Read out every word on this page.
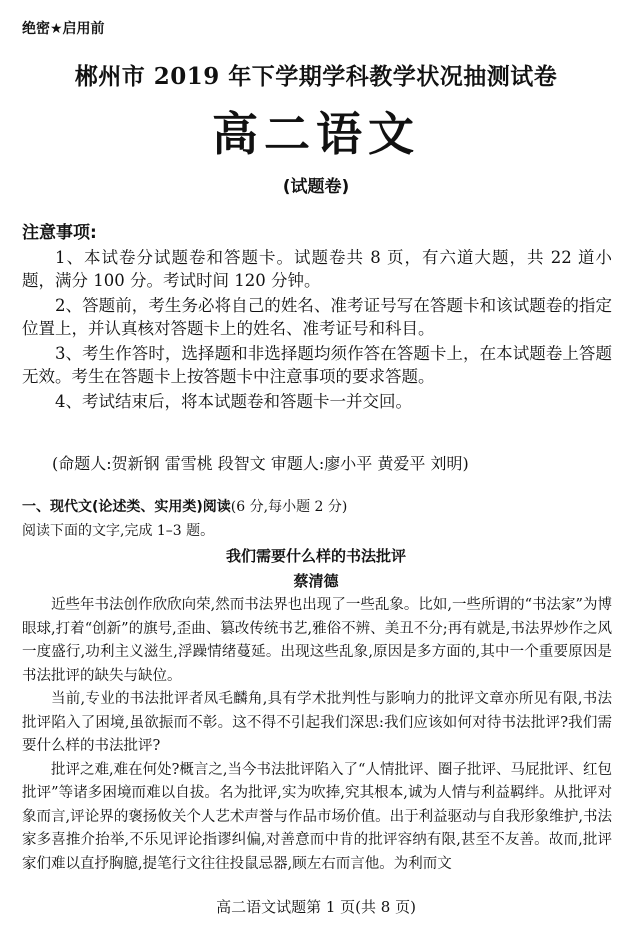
绝密★启用前
郴州市 2019 年下学期学科教学状况抽测试卷
高二语文
(试题卷)
注意事项:

1、本试卷分试题卷和答题卡。试题卷共 8 页，有六道大题，共 22 道小题，满分 100 分。考试时间 120 分钟。

2、答题前，考生务必将自己的姓名、准考证号写在答题卡和该试题卷的指定位置上，并认真核对答题卡上的姓名、准考证号和科目。

3、考生作答时，选择题和非选择题均须作答在答题卡上，在本试题卷上答题无效。考生在答题卡上按答题卡中注意事项的要求答题。

4、考试结束后，将本试题卷和答题卡一并交回。

(命题人:贺新钢 雷雪桃 段智文 审题人:廖小平 黄爱平 刘明)
一、现代文(论述类、实用类)阅读(6 分,每小题 2 分)
阅读下面的文字,完成 1–3 题。
我们需要什么样的书法批评
蔡清德

近些年书法创作欣欣向荣,然而书法界也出现了一些乱象。比如,一些所谓的“书法家”为博眼球,打着“创新”的旗号,歪曲、篡改传统书艺,雅俗不辨、美丑不分;再有就是,书法界炒作之风一度盛行,功利主义滋生,浮躁情绪蔓延。出现这些乱象,原因是多方面的,其中一个重要原因是书法批评的缺失与缺位。

当前,专业的书法批评者凤毛麟角,具有学术批判性与影响力的批评文章亦所见有限,书法批评陷入了困境,虽欲振而不彰。这不得不引起我们深思:我们应该如何对待书法批评?我们需要什么样的书法批评?

批评之难,难在何处?概言之,当今书法批评陷入了“人情批评、圈子批评、马屁批评、红包批评”等诸多困境而难以自拔。名为批评,实为吹捧,究其根本,诚为人情与利益羁绊。从批评对象而言,评论界的褒扬攸关个人艺术声誉与作品市场价值。出于利益驱动与自我形象维护,书法家多喜推介抬举,不乐见评论指谬纠偏,对善意而中肯的批评容纳有限,甚至不友善。故而,批评家们难以直抒胸臆,提笔行文往往投鼠忌器,顾左右而言他。为利而文

高二语文试题第 1 页(共 8 页)
